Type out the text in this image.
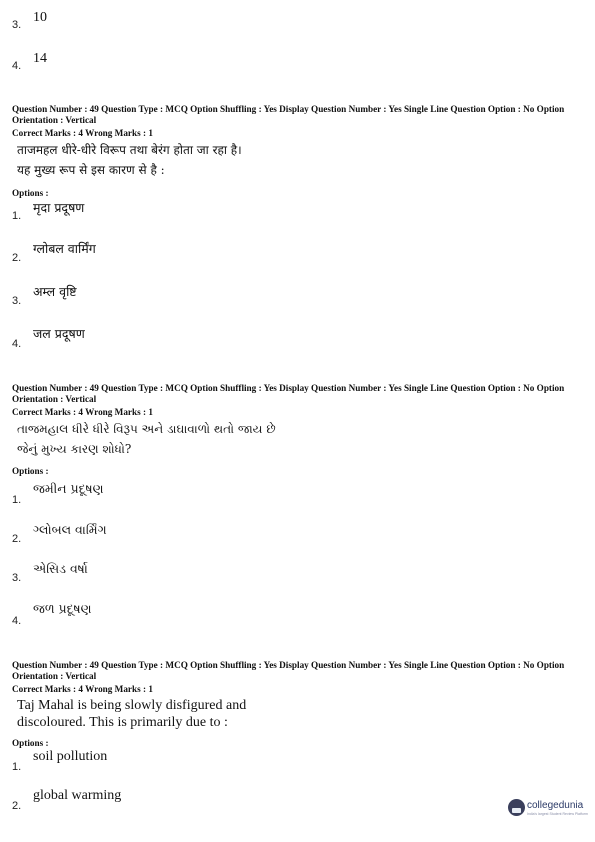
3. 10
4. 14
Question Number : 49 Question Type : MCQ Option Shuffling : Yes Display Question Number : Yes Single Line Question Option : No Option Orientation : Vertical
Correct Marks : 4 Wrong Marks : 1
ताजमहल धीरे-धीरे विरूप तथा बेरंग होता जा रहा है।
यह मुख्य रूप से इस कारण से है :
Options :
1.
मृदा प्रदूषण
2.
ग्लोबल वार्मिंग
3.
अम्ल वृष्टि
4.
जल प्रदूषण
Question Number : 49 Question Type : MCQ Option Shuffling : Yes Display Question Number : Yes Single Line Question Option : No Option Orientation : Vertical
Correct Marks : 4 Wrong Marks : 1
તાજમહાલ ધીરે ધીરે વિરૂપ અને ડાઘાવાળો થતો જાય છે
જેનું મુખ્ય કારણ શોધો?
Options :
1.
જમીન પ્રદૂષણ
2.
ગ્લોબલ વાર્મિંગ
3.
એસિડ વર્ષા
4.
જળ પ્રદૂષણ
Question Number : 49 Question Type : MCQ Option Shuffling : Yes Display Question Number : Yes Single Line Question Option : No Option Orientation : Vertical
Correct Marks : 4 Wrong Marks : 1
Taj Mahal is being slowly disfigured and
discoloured. This is primarily due to :
Options :
1.
soil pollution
2.
global warming
collegedunia
India's largest Student Review Platform
